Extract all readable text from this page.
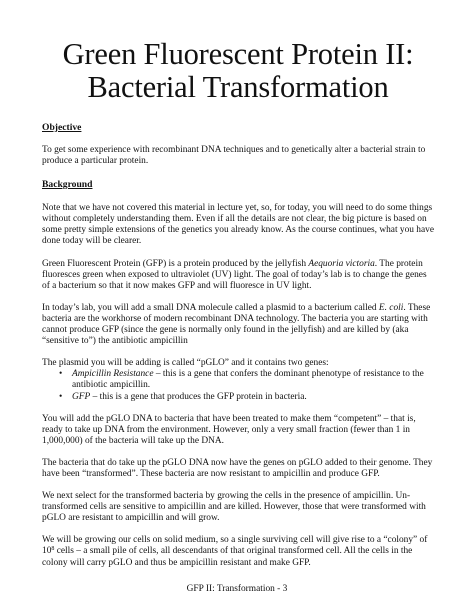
Green Fluorescent Protein II:
Bacterial Transformation
Objective

To get some experience with recombinant DNA techniques and to genetically alter a bacterial strain to produce a particular protein.

Background

Note that we have not covered this material in lecture yet, so, for today, you will need to do some things without completely understanding them. Even if all the details are not clear, the big picture is based on some pretty simple extensions of the genetics you already know. As the course continues, what you have done today will be clearer.

Green Fluorescent Protein (GFP) is a protein produced by the jellyfish Aequoria victoria. The protein fluoresces green when exposed to ultraviolet (UV) light. The goal of today’s lab is to change the genes of a bacterium so that it now makes GFP and will fluoresce in UV light.

In today’s lab, you will add a small DNA molecule called a plasmid to a bacterium called E. coli. These bacteria are the workhorse of modern recombinant DNA technology. The bacteria you are starting with cannot produce GFP (since the gene is normally only found in the jellyfish) and are killed by (aka “sensitive to”) the antibiotic ampicillin

The plasmid you will be adding is called “pGLO” and it contains two genes:

• Ampicillin Resistance – this is a gene that confers the dominant phenotype of resistance to the antibiotic ampicillin.
• GFP – this is a gene that produces the GFP protein in bacteria.

You will add the pGLO DNA to bacteria that have been treated to make them “competent” – that is, ready to take up DNA from the environment. However, only a very small fraction (fewer than 1 in 1,000,000) of the bacteria will take up the DNA.

The bacteria that do take up the pGLO DNA now have the genes on pGLO added to their genome. They have been “transformed”. These bacteria are now resistant to ampicillin and produce GFP.

We next select for the transformed bacteria by growing the cells in the presence of ampicillin. Un-transformed cells are sensitive to ampicillin and are killed. However, those that were transformed with pGLO are resistant to ampicillin and will grow.

We will be growing our cells on solid medium, so a single surviving cell will give rise to a “colony” of $10^8$ cells – a small pile of cells, all descendants of that original transformed cell. All the cells in the colony will carry pGLO and thus be ampicillin resistant and make GFP.

GFP II: Transformation - 3
